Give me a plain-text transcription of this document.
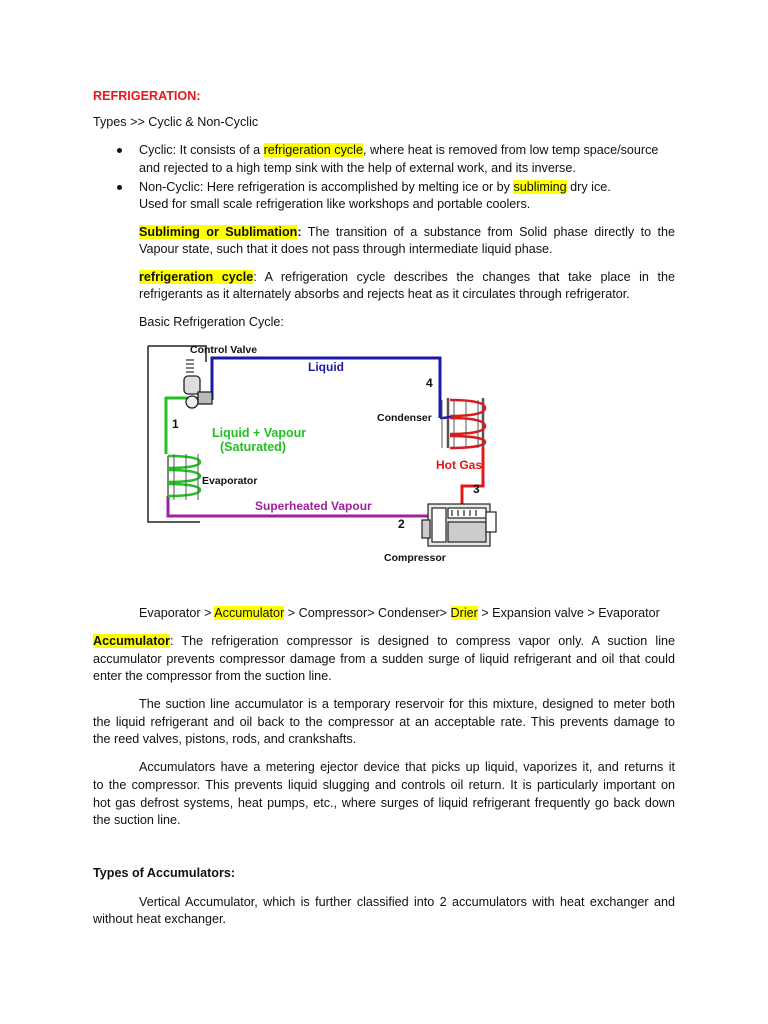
REFRIGERATION:
Types >> Cyclic & Non-Cyclic
Cyclic: It consists of a refrigeration cycle, where heat is removed from low temp space/source
and rejected to a high temp sink with the help of external work, and its inverse.
Non-Cyclic: Here refrigeration is accomplished by melting ice or by subliming dry ice.
Used for small scale refrigeration like workshops and portable coolers.
Subliming or Sublimation: The transition of a substance from Solid phase directly to the
Vapour state, such that it does not pass through intermediate liquid phase.
refrigeration cycle: A refrigeration cycle describes the changes that take place in the
refrigerants as it alternately absorbs and rejects heat as it circulates through refrigerator.
Basic Refrigeration Cycle:
Control Valve
Liquid
4
Condenser
1
Liquid + Vapour
(Saturated)
Hot Gas
Evaporator
3
Superheated Vapour
2
Compressor
Evaporator > Accumulator > Compressor> Condenser> Drier > Expansion valve > Evaporator
Accumulator: The refrigeration compressor is designed to compress vapor only. A suction line
accumulator prevents compressor damage from a sudden surge of liquid refrigerant and oil that could
enter the compressor from the suction line.
The suction line accumulator is a temporary reservoir for this mixture, designed to meter both
the liquid refrigerant and oil back to the compressor at an acceptable rate. This prevents damage to
the reed valves, pistons, rods, and crankshafts.
Accumulators have a metering ejector device that picks up liquid, vaporizes it, and returns it
to the compressor. This prevents liquid slugging and controls oil return. It is particularly important on
hot gas defrost systems, heat pumps, etc., where surges of liquid refrigerant frequently go back down
the suction line.
Types of Accumulators:
Vertical Accumulator, which is further classified into 2 accumulators with heat exchanger and
without heat exchanger.
